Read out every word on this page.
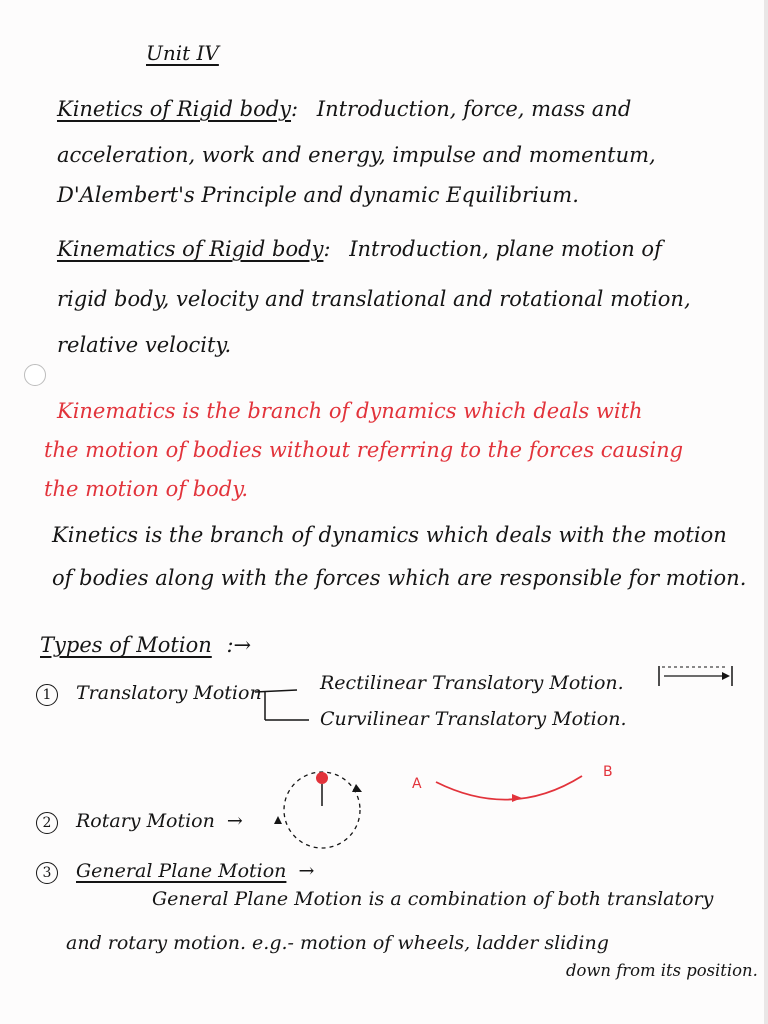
Unit IV
Kinetics of Rigid body: Introduction, force, mass and
acceleration, work and energy, impulse and momentum,
D'Alembert's Principle and dynamic Equilibrium.
Kinematics of Rigid body: Introduction, plane motion of
rigid body, velocity and translational and rotational motion,
relative velocity.
Kinematics is the branch of dynamics which deals with
the motion of bodies without referring to the forces causing
the motion of body.
Kinetics is the branch of dynamics which deals with the motion
of bodies along with the forces which are responsible for motion.
Types of Motion :→
1 Translatory Motion	Rectilinear Translatory Motion.
Curvilinear Translatory Motion.
A
B
2 Rotary Motion →
3 General Plane Motion →
General Plane Motion is a combination of both translatory
and rotary motion. e.g.- motion of wheels, ladder sliding
down from its position.
